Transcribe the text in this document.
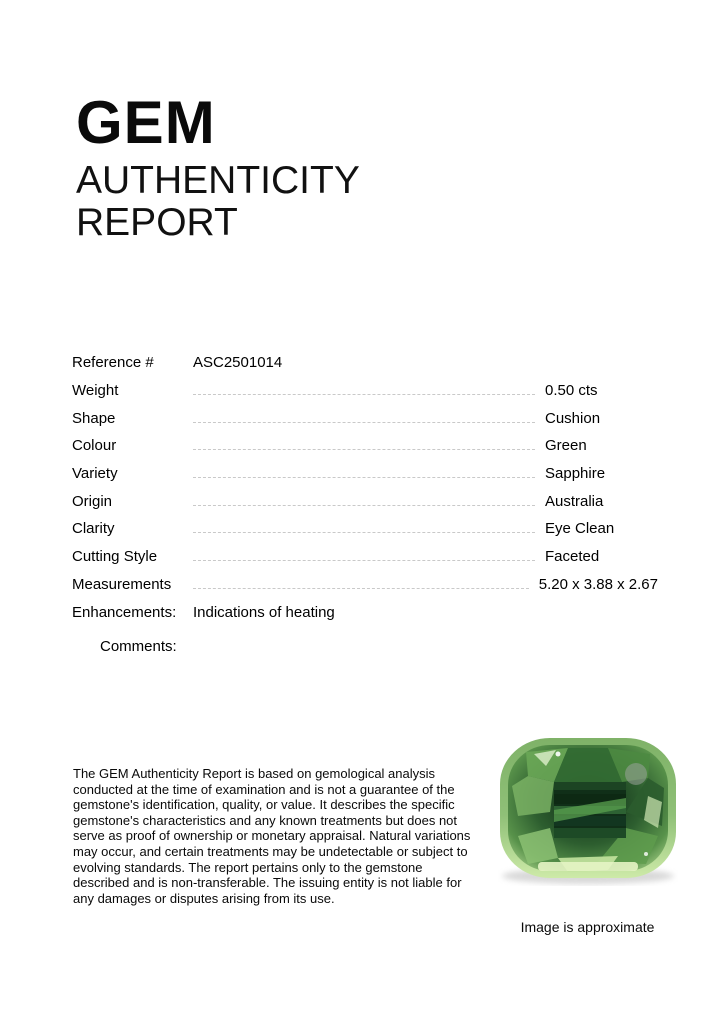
GEM
AUTHENTICITY
REPORT
Reference #	ASC2501014
Weight	0.50 cts
Shape	Cushion
Colour	Green
Variety	Sapphire
Origin	Australia
Clarity	Eye Clean
Cutting Style	Faceted
Measurements	5.20 x 3.88 x 2.67
Enhancements:	Indications of heating
Comments:
The GEM Authenticity Report is based on gemological analysis conducted at the time of examination and is not a guarantee of the gemstone's identification, quality, or value. It describes the specific gemstone's characteristics and any known treatments but does not serve as proof of ownership or monetary appraisal. Natural variations may occur, and certain treatments may be undetectable or subject to evolving standards. The report pertains only to the gemstone described and is non-transferable. The issuing entity is not liable for any damages or disputes arising from its use.
Image is approximate
